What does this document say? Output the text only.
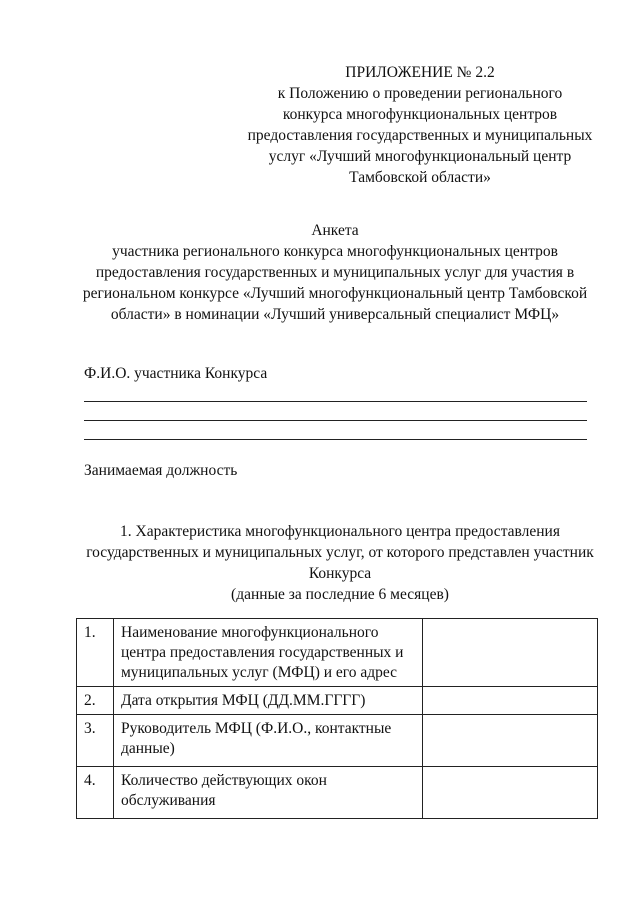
ПРИЛОЖЕНИЕ № 2.2
к Положению о проведении регионального
конкурса многофункциональных центров
предоставления государственных и муниципальных
услуг «Лучший многофункциональный центр
Тамбовской области»
Анкета
участника регионального конкурса многофункциональных центров
предоставления государственных и муниципальных услуг для участия в
региональном конкурсе «Лучший многофункциональный центр Тамбовской
области» в номинации «Лучший универсальный специалист МФЦ»
Ф.И.О. участника Конкурса
Занимаемая должность
1. Характеристика многофункционального центра предоставления
государственных и муниципальных услуг, от которого представлен участник
Конкурса
(данные за последние 6 месяцев)
1.	Наименование многофункционального
центра предоставления государственных и
муниципальных услуг (МФЦ) и его адрес	

2.	Дата открытия МФЦ (ДД.ММ.ГГГГ)	

3.	Руководитель МФЦ (Ф.И.О., контактные
данные)	

4.	Количество действующих окон
обслуживания	
